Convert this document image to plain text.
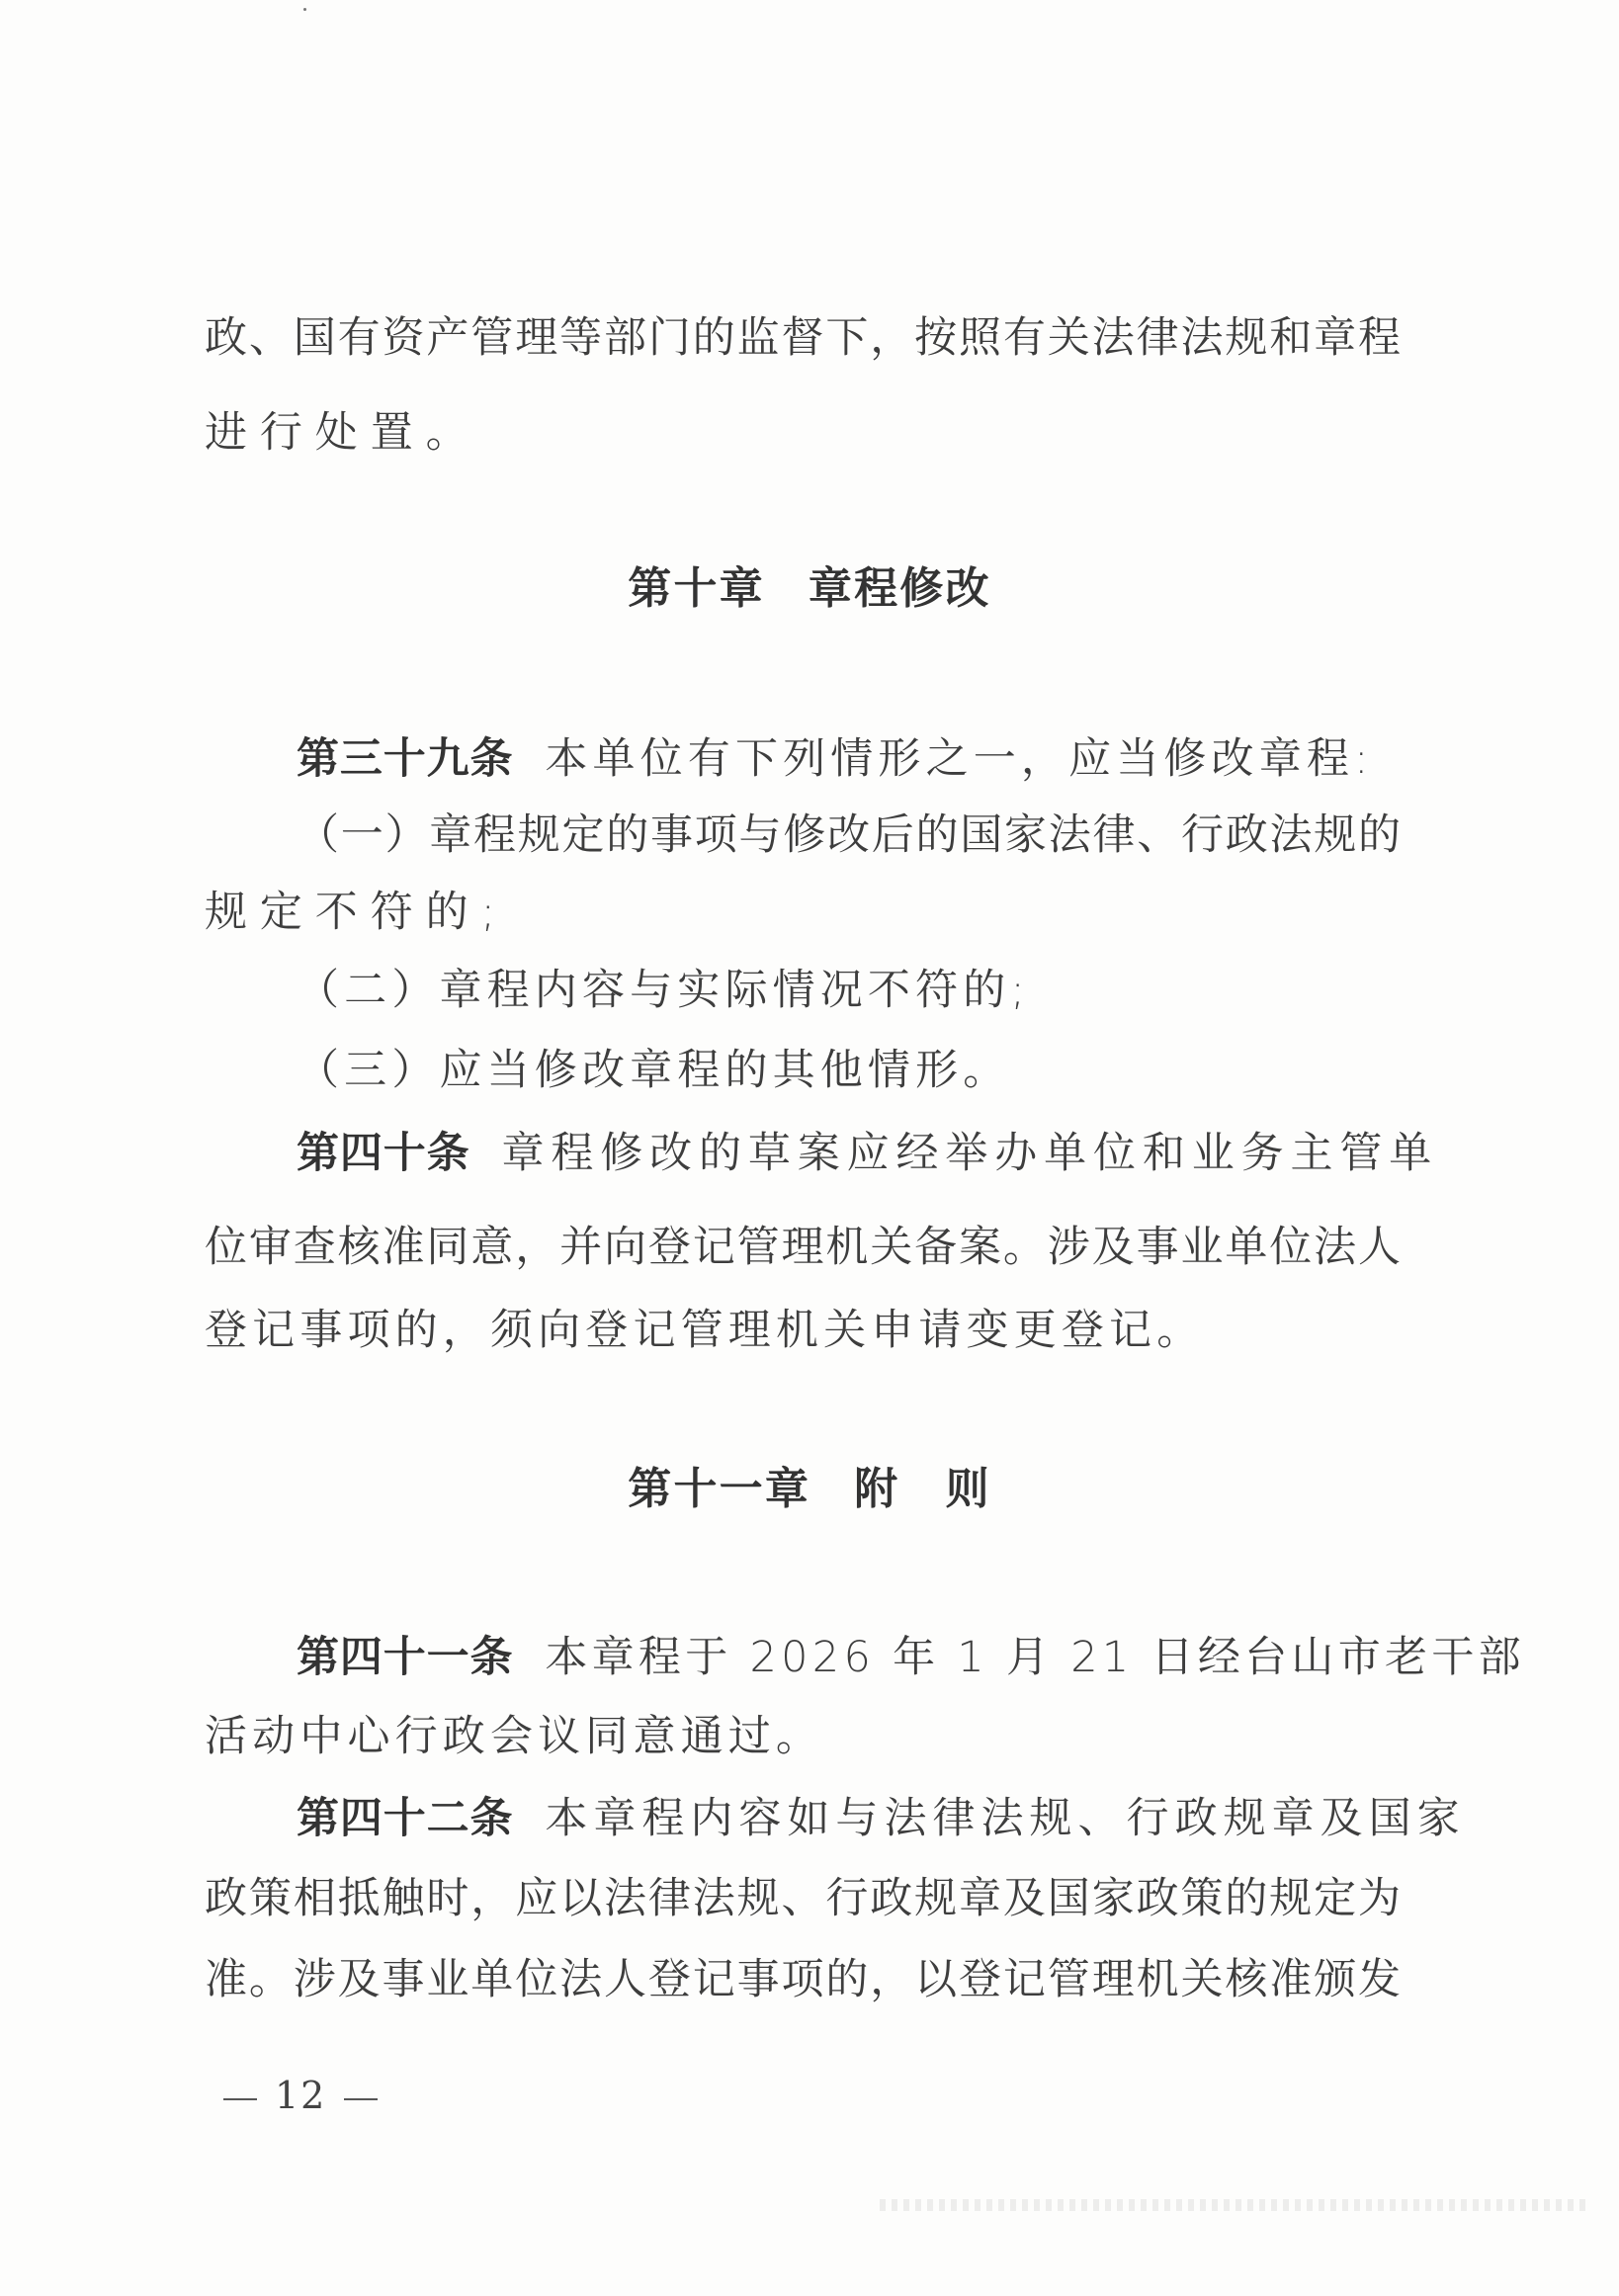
政、国有资产管理等部门的监督下，按照有关法律法规和章程
进行处置。
第十章 章程修改
第三十九条 本单位有下列情形之一，应当修改章程:
（一）章程规定的事项与修改后的国家法律、行政法规的
规定不符的;
（二）章程内容与实际情况不符的;
（三）应当修改章程的其他情形。
第四十条 章程修改的草案应经举办单位和业务主管单
位审查核准同意，并向登记管理机关备案。涉及事业单位法人
登记事项的，须向登记管理机关申请变更登记。
第十一章 附　则
第四十一条 本章程于 2026 年 1 月 21 日经台山市老干部
活动中心行政会议同意通过。
第四十二条 本章程内容如与法律法规、行政规章及国家
政策相抵触时，应以法律法规、行政规章及国家政策的规定为
准。涉及事业单位法人登记事项的，以登记管理机关核准颁发
12
